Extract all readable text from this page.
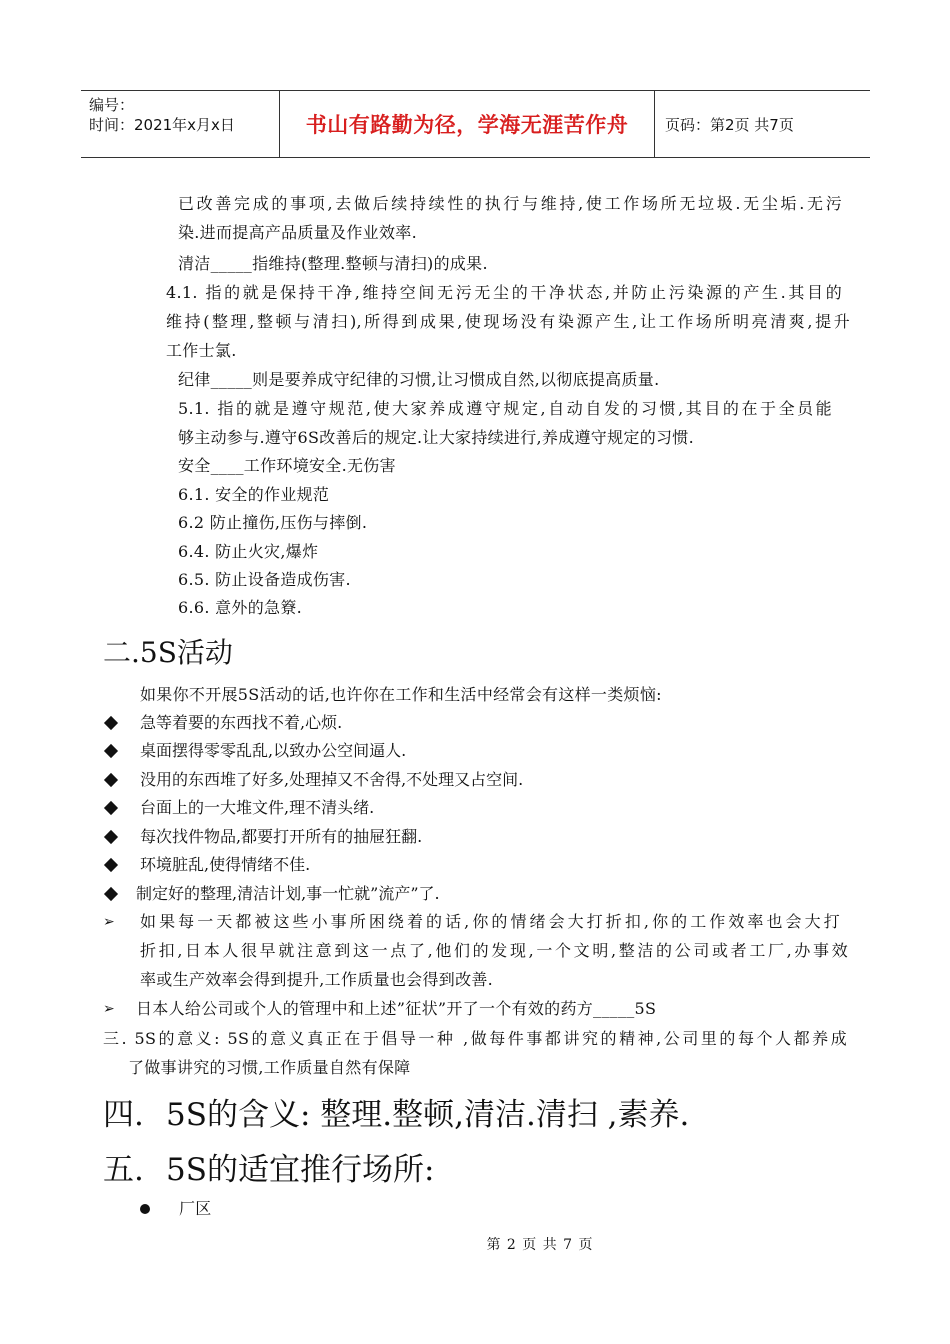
编号：
时间：2021年x月x日	书山有路勤为径，学海无涯苦作舟	页码：第2页 共7页
已改善完成的事项,去做后续持续性的执行与维持,使工作场所无垃圾.无尘垢.无污
染.进而提高产品质量及作业效率.
清洁_____指维持(整理.整顿与清扫)的成果.
4.1. 指的就是保持干净,维持空间无污无尘的干净状态,并防止污染源的产生.其目的
维持(整理,整顿与清扫),所得到成果,使现场没有染源产生,让工作场所明亮清爽,提升
工作士氯.
纪律_____则是要养成守纪律的习惯,让习惯成自然,以彻底提高质量.
5.1. 指的就是遵守规范,使大家养成遵守规定,自动自发的习惯,其目的在于全员能
够主动参与.遵守6S改善后的规定.让大家持续进行,养成遵守规定的习惯.
安全____工作环境安全.无伤害
6.1. 安全的作业规范
6.2 防止撞伤,压伤与摔倒.
6.4. 防止火灾,爆炸
6.5. 防止设备造成伤害.
6.6. 意外的急簝.
二.5S活动
如果你不开展5S活动的话,也许你在工作和生活中经常会有这样一类烦恼:
急等着要的东西找不着,心烦.
桌面摆得零零乱乱,以致办公空间逼人.
没用的东西堆了好多,处理掉又不舍得,不处理又占空间.
台面上的一大堆文件,理不清头绪.
每次找件物品,都要打开所有的抽屉狂翻.
环境脏乱,使得情绪不佳.
制定好的整理,清洁计划,事一忙就”流产”了.
➢ 如果每一天都被这些小事所困绕着的话,你的情绪会大打折扣,你的工作效率也会大打
折扣,日本人很早就注意到这一点了,他们的发现,一个文明,整洁的公司或者工厂,办事效
率或生产效率会得到提升,工作质量也会得到改善.
➢ 日本人给公司或个人的管理中和上述”征状”开了一个有效的药方_____5S
三. 5S的意义: 5S的意义真正在于倡导一种 ,做每件事都讲究的精神,公司里的每个人都养成
了做事讲究的习惯,工作质量自然有保障
四. 5S的含义: 整理.整顿,清洁.清扫 ,素养.
五. 5S的适宜推行场所:
厂区
第 2 页 共 7 页
